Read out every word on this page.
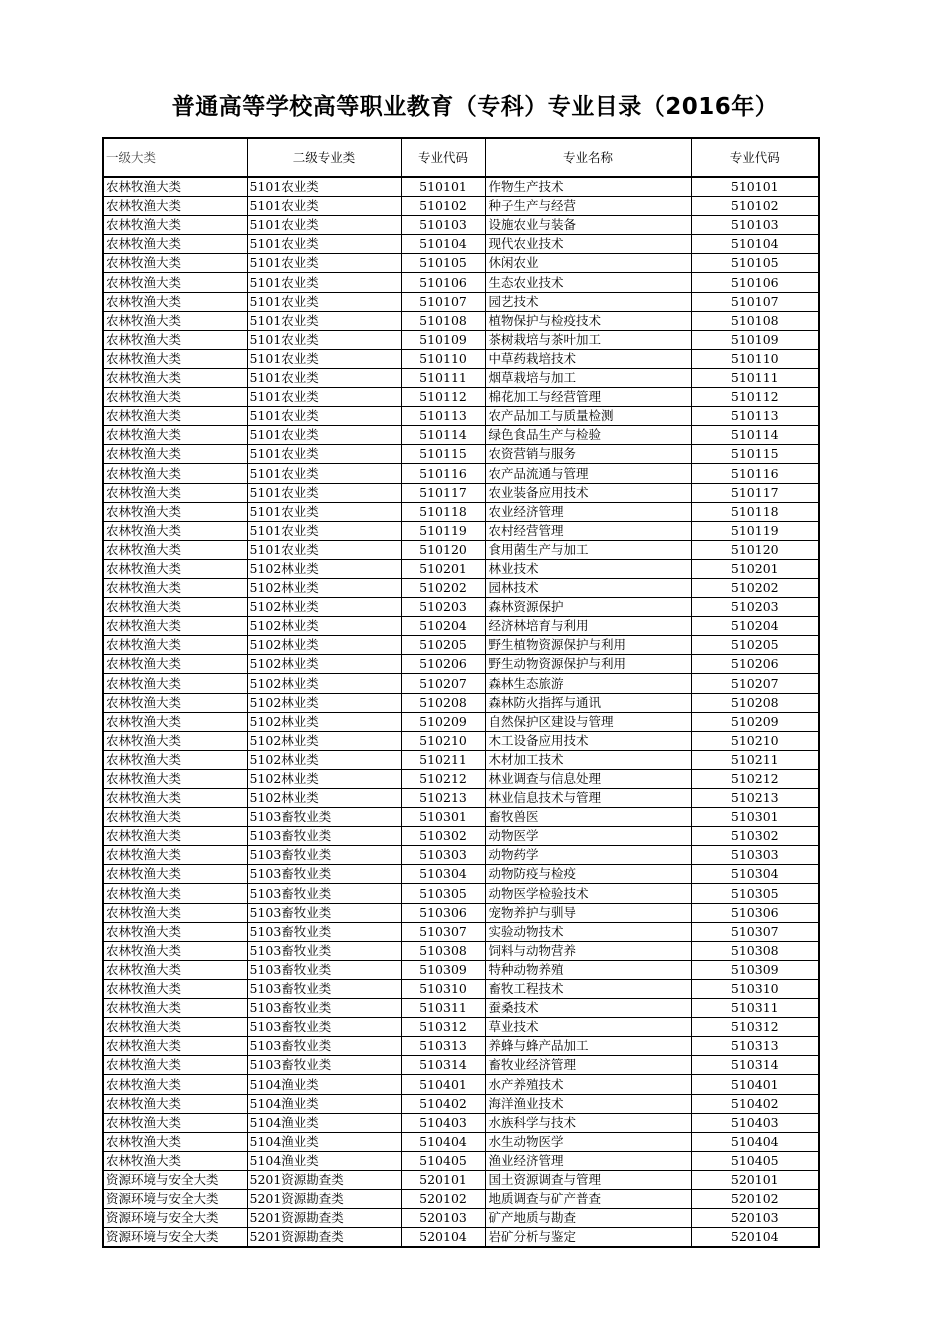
普通高等学校高等职业教育（专科）专业目录（2016年）
一级大类	二级专业类	专业代码	专业名称	专业代码
农林牧渔大类	5101农业类	510101	作物生产技术	510101
农林牧渔大类	5101农业类	510102	种子生产与经营	510102
农林牧渔大类	5101农业类	510103	设施农业与装备	510103
农林牧渔大类	5101农业类	510104	现代农业技术	510104
农林牧渔大类	5101农业类	510105	休闲农业	510105
农林牧渔大类	5101农业类	510106	生态农业技术	510106
农林牧渔大类	5101农业类	510107	园艺技术	510107
农林牧渔大类	5101农业类	510108	植物保护与检疫技术	510108
农林牧渔大类	5101农业类	510109	茶树栽培与茶叶加工	510109
农林牧渔大类	5101农业类	510110	中草药栽培技术	510110
农林牧渔大类	5101农业类	510111	烟草栽培与加工	510111
农林牧渔大类	5101农业类	510112	棉花加工与经营管理	510112
农林牧渔大类	5101农业类	510113	农产品加工与质量检测	510113
农林牧渔大类	5101农业类	510114	绿色食品生产与检验	510114
农林牧渔大类	5101农业类	510115	农资营销与服务	510115
农林牧渔大类	5101农业类	510116	农产品流通与管理	510116
农林牧渔大类	5101农业类	510117	农业装备应用技术	510117
农林牧渔大类	5101农业类	510118	农业经济管理	510118
农林牧渔大类	5101农业类	510119	农村经营管理	510119
农林牧渔大类	5101农业类	510120	食用菌生产与加工	510120
农林牧渔大类	5102林业类	510201	林业技术	510201
农林牧渔大类	5102林业类	510202	园林技术	510202
农林牧渔大类	5102林业类	510203	森林资源保护	510203
农林牧渔大类	5102林业类	510204	经济林培育与利用	510204
农林牧渔大类	5102林业类	510205	野生植物资源保护与利用	510205
农林牧渔大类	5102林业类	510206	野生动物资源保护与利用	510206
农林牧渔大类	5102林业类	510207	森林生态旅游	510207
农林牧渔大类	5102林业类	510208	森林防火指挥与通讯	510208
农林牧渔大类	5102林业类	510209	自然保护区建设与管理	510209
农林牧渔大类	5102林业类	510210	木工设备应用技术	510210
农林牧渔大类	5102林业类	510211	木材加工技术	510211
农林牧渔大类	5102林业类	510212	林业调查与信息处理	510212
农林牧渔大类	5102林业类	510213	林业信息技术与管理	510213
农林牧渔大类	5103畜牧业类	510301	畜牧兽医	510301
农林牧渔大类	5103畜牧业类	510302	动物医学	510302
农林牧渔大类	5103畜牧业类	510303	动物药学	510303
农林牧渔大类	5103畜牧业类	510304	动物防疫与检疫	510304
农林牧渔大类	5103畜牧业类	510305	动物医学检验技术	510305
农林牧渔大类	5103畜牧业类	510306	宠物养护与驯导	510306
农林牧渔大类	5103畜牧业类	510307	实验动物技术	510307
农林牧渔大类	5103畜牧业类	510308	饲料与动物营养	510308
农林牧渔大类	5103畜牧业类	510309	特种动物养殖	510309
农林牧渔大类	5103畜牧业类	510310	畜牧工程技术	510310
农林牧渔大类	5103畜牧业类	510311	蚕桑技术	510311
农林牧渔大类	5103畜牧业类	510312	草业技术	510312
农林牧渔大类	5103畜牧业类	510313	养蜂与蜂产品加工	510313
农林牧渔大类	5103畜牧业类	510314	畜牧业经济管理	510314
农林牧渔大类	5104渔业类	510401	水产养殖技术	510401
农林牧渔大类	5104渔业类	510402	海洋渔业技术	510402
农林牧渔大类	5104渔业类	510403	水族科学与技术	510403
农林牧渔大类	5104渔业类	510404	水生动物医学	510404
农林牧渔大类	5104渔业类	510405	渔业经济管理	510405
资源环境与安全大类	5201资源勘查类	520101	国土资源调查与管理	520101
资源环境与安全大类	5201资源勘查类	520102	地质调查与矿产普查	520102
资源环境与安全大类	5201资源勘查类	520103	矿产地质与勘查	520103
资源环境与安全大类	5201资源勘查类	520104	岩矿分析与鉴定	520104
